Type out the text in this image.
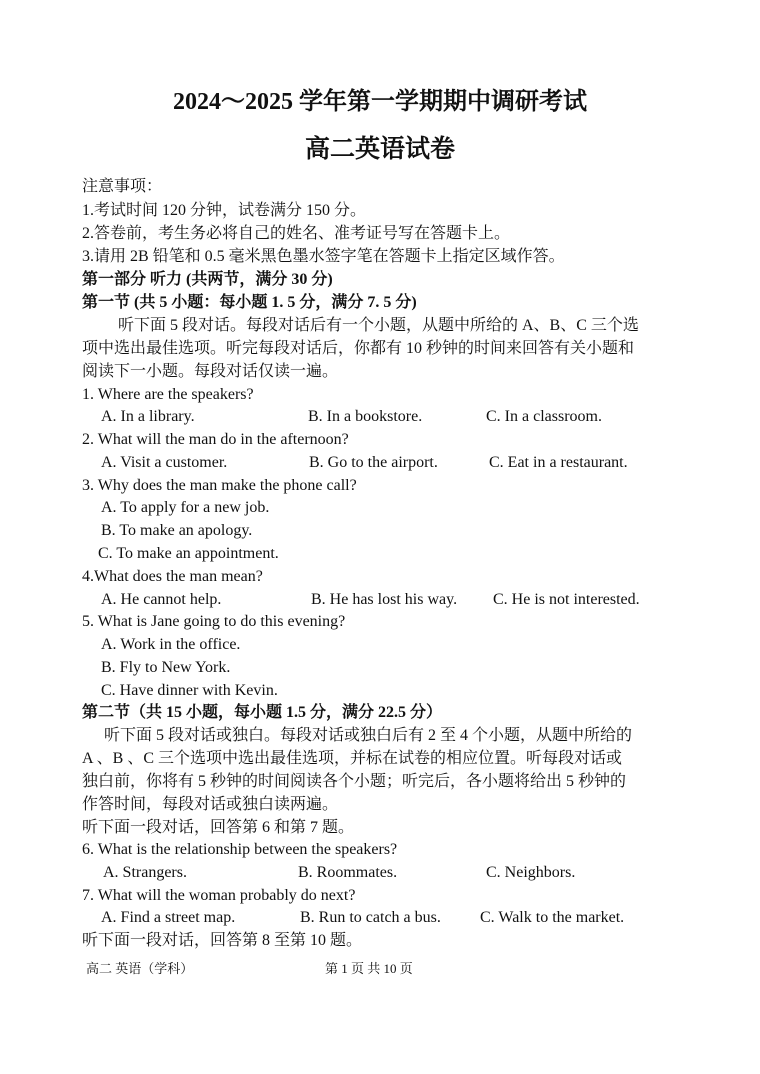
2024～2025 学年第一学期期中调研考试
高二英语试卷
注意事项：
1.考试时间 120 分钟，试卷满分 150 分。
2.答卷前，考生务必将自己的姓名、准考证号写在答题卡上。
3.请用 2B 铅笔和 0.5 毫米黑色墨水签字笔在答题卡上指定区域作答。
第一部分 听力 (共两节，满分 30 分)
第一节 (共 5 小题：每小题 1. 5 分，满分 7. 5 分)
听下面 5 段对话。每段对话后有一个小题，从题中所给的 A、B、C 三个选
项中选出最佳选项。听完每段对话后，你都有 10 秒钟的时间来回答有关小题和
阅读下一小题。每段对话仅读一遍。
1. Where are the speakers?
A. In a library.	B. In a bookstore.	C. In a classroom.
2. What will the man do in the afternoon?
A. Visit a customer.	B. Go to the airport.	C. Eat in a restaurant.
3. Why does the man make the phone call?
A. To apply for a new job.
B. To make an apology.
C. To make an appointment.
4.What does the man mean?
A. He cannot help.	B. He has lost his way. C. He is not interested.
5. What is Jane going to do this evening?
A. Work in the office.
B. Fly to New York.
C. Have dinner with Kevin.
第二节（共 15 小题，每小题 1.5 分，满分 22.5 分）
听下面 5 段对话或独白。每段对话或独白后有 2 至 4 个小题，从题中所给的
A 、B 、C 三个选项中选出最佳选项，并标在试卷的相应位置。听每段对话或
独白前，你将有 5 秒钟的时间阅读各个小题；听完后，各小题将给出 5 秒钟的
作答时间，每段对话或独白读两遍。
听下面一段对话，回答第 6 和第 7 题。
6. What is the relationship between the speakers?
A. Strangers.	B. Roommates.	C. Neighbors.
7. What will the woman probably do next?
A. Find a street map.	B. Run to catch a bus. C. Walk to the market.
听下面一段对话，回答第 8 至第 10 题。
高二 英语（学科）	第 1 页 共 10 页
